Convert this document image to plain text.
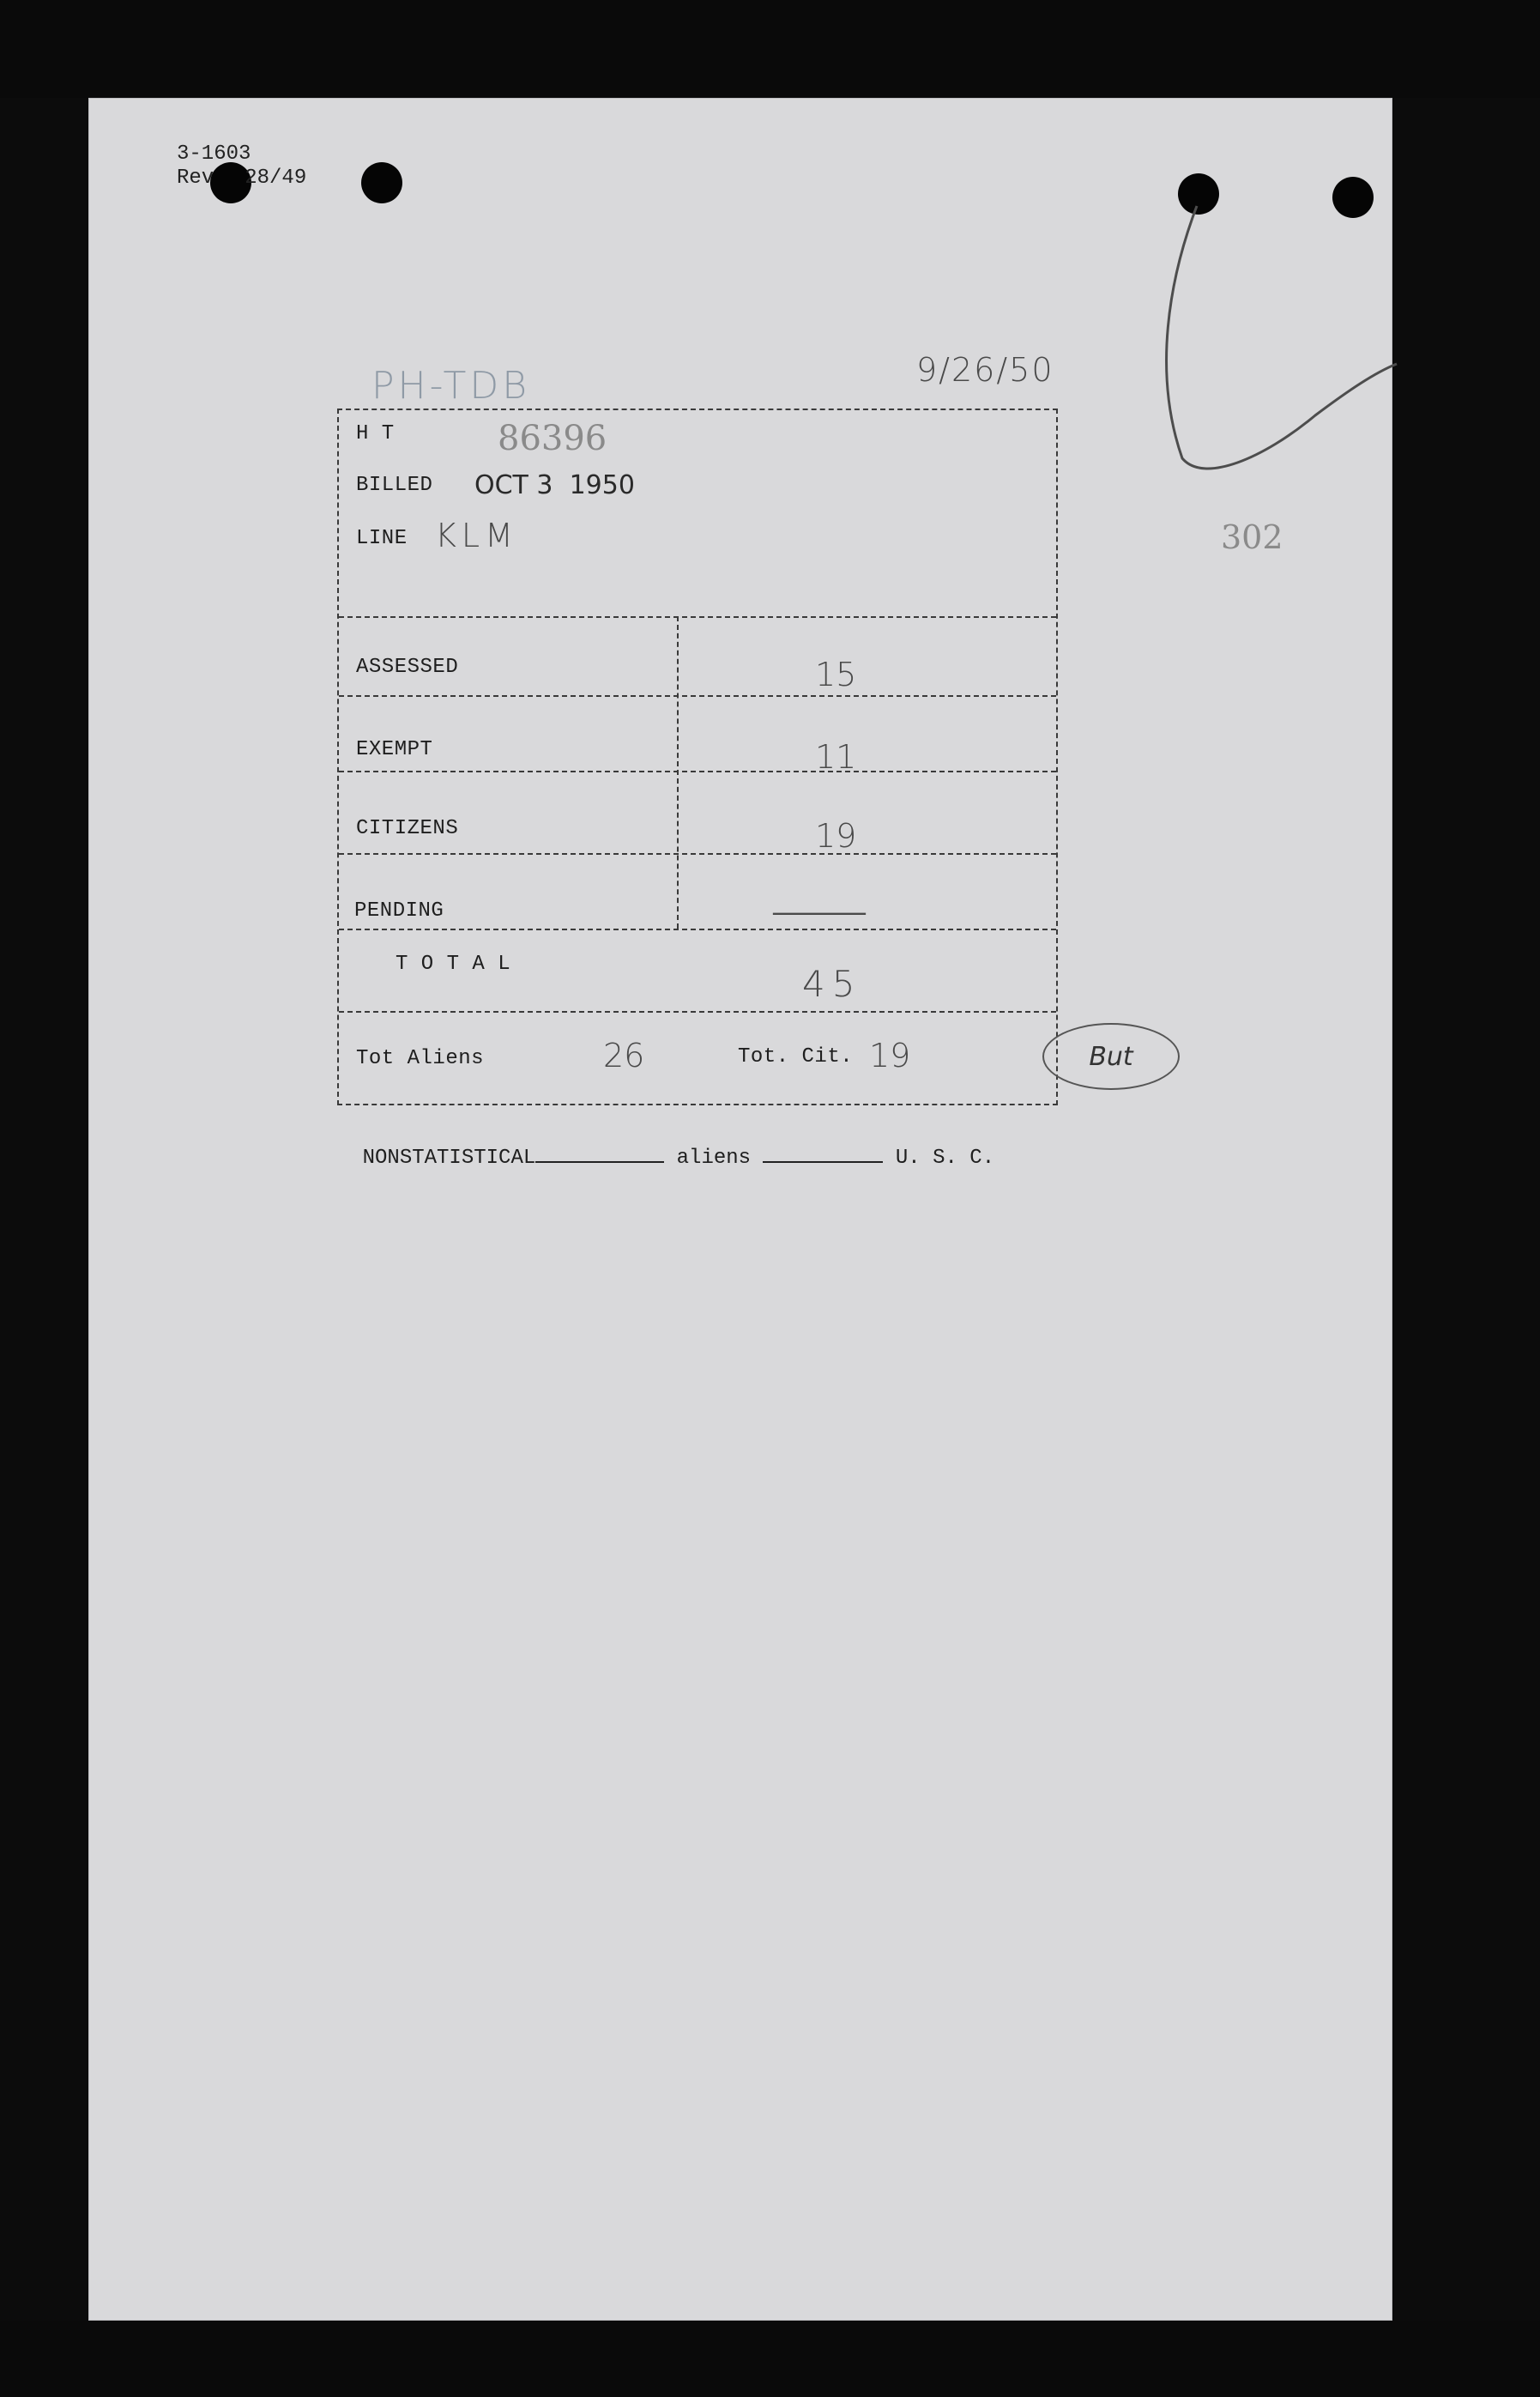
3-1603
Rev 28/49
PH-TDB	9/26/50
302
H T	86396
BILLED OCT 3  1950
LINE KLM
ASSESSED	15
EXEMPT	11
CITIZENS	19
PENDING	—
T O T A L	45
Tot Aliens	26	Tot. Cit. 19	But

NONSTATISTICAL	aliens	U. S. C.
